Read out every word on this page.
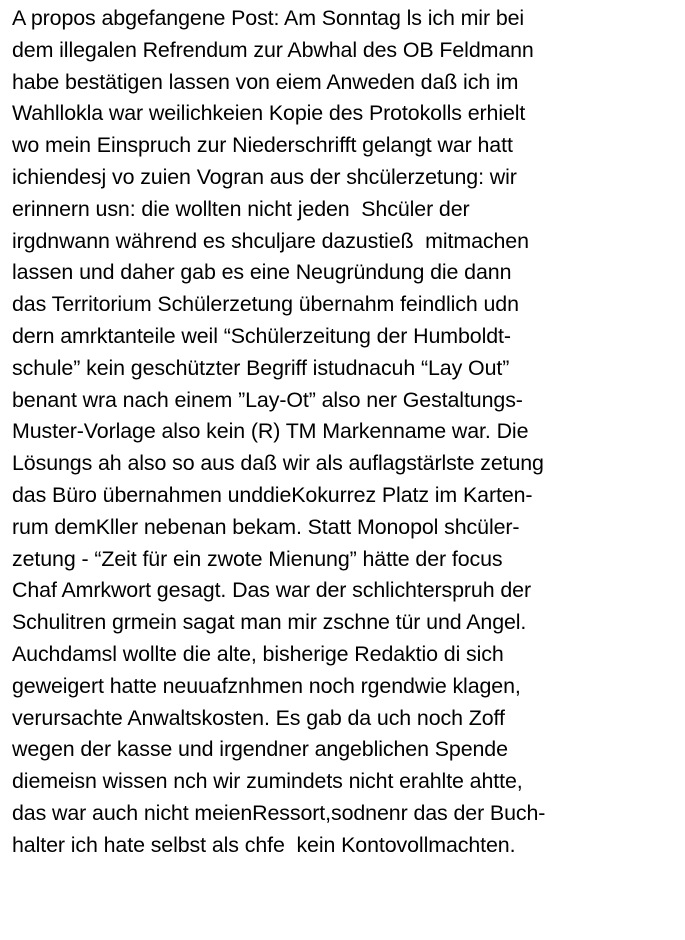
A propos abgefangene Post: Am Sonntag ls ich mir bei
dem illegalen Refrendum zur Abwhal des OB Feldmann
habe bestätigen lassen von eiem Anweden daß ich im
Wahllokla war weilichkeien Kopie des Protokolls erhielt
wo mein Einspruch zur Niederschrifft gelangt war hatt
ichiendesj vo zuien Vogran aus der shcülerzetung: wir
erinnern usn: die wollten nicht jeden  Shcüler der
irgdnwann während es shculjare dazustieß  mitmachen
lassen und daher gab es eine Neugründung die dann
das Territorium Schülerzetung übernahm feindlich udn
dern amrktanteile weil “Schülerzeitung der Humboldt-
schule” kein geschützter Begriff istudnacuh “Lay Out”
benant wra nach einem ”Lay-Ot” also ner Gestaltungs-
Muster-Vorlage also kein (R) TM Markenname war. Die
Lösungs ah also so aus daß wir als auflagstärlste zetung
das Büro übernahmen unddieKokurrez Platz im Karten-
rum demKller nebenan bekam. Statt Monopol shcüler-
zetung - “Zeit für ein zwote Mienung” hätte der focus
Chaf Amrkwort gesagt. Das war der schlichterspruh der
Schulitren grmein sagat man mir zschne tür und Angel.
Auchdamsl wollte die alte, bisherige Redaktio di sich
geweigert hatte neuuafznhmen noch rgendwie klagen,
verursachte Anwaltskosten. Es gab da uch noch Zoff
wegen der kasse und irgendner angeblichen Spende
diemeisn wissen nch wir zumindets nicht erahlte ahtte,
das war auch nicht meienRessort,sodnenr das der Buch-
halter ich hate selbst als chfe  kein Kontovollmachten.
